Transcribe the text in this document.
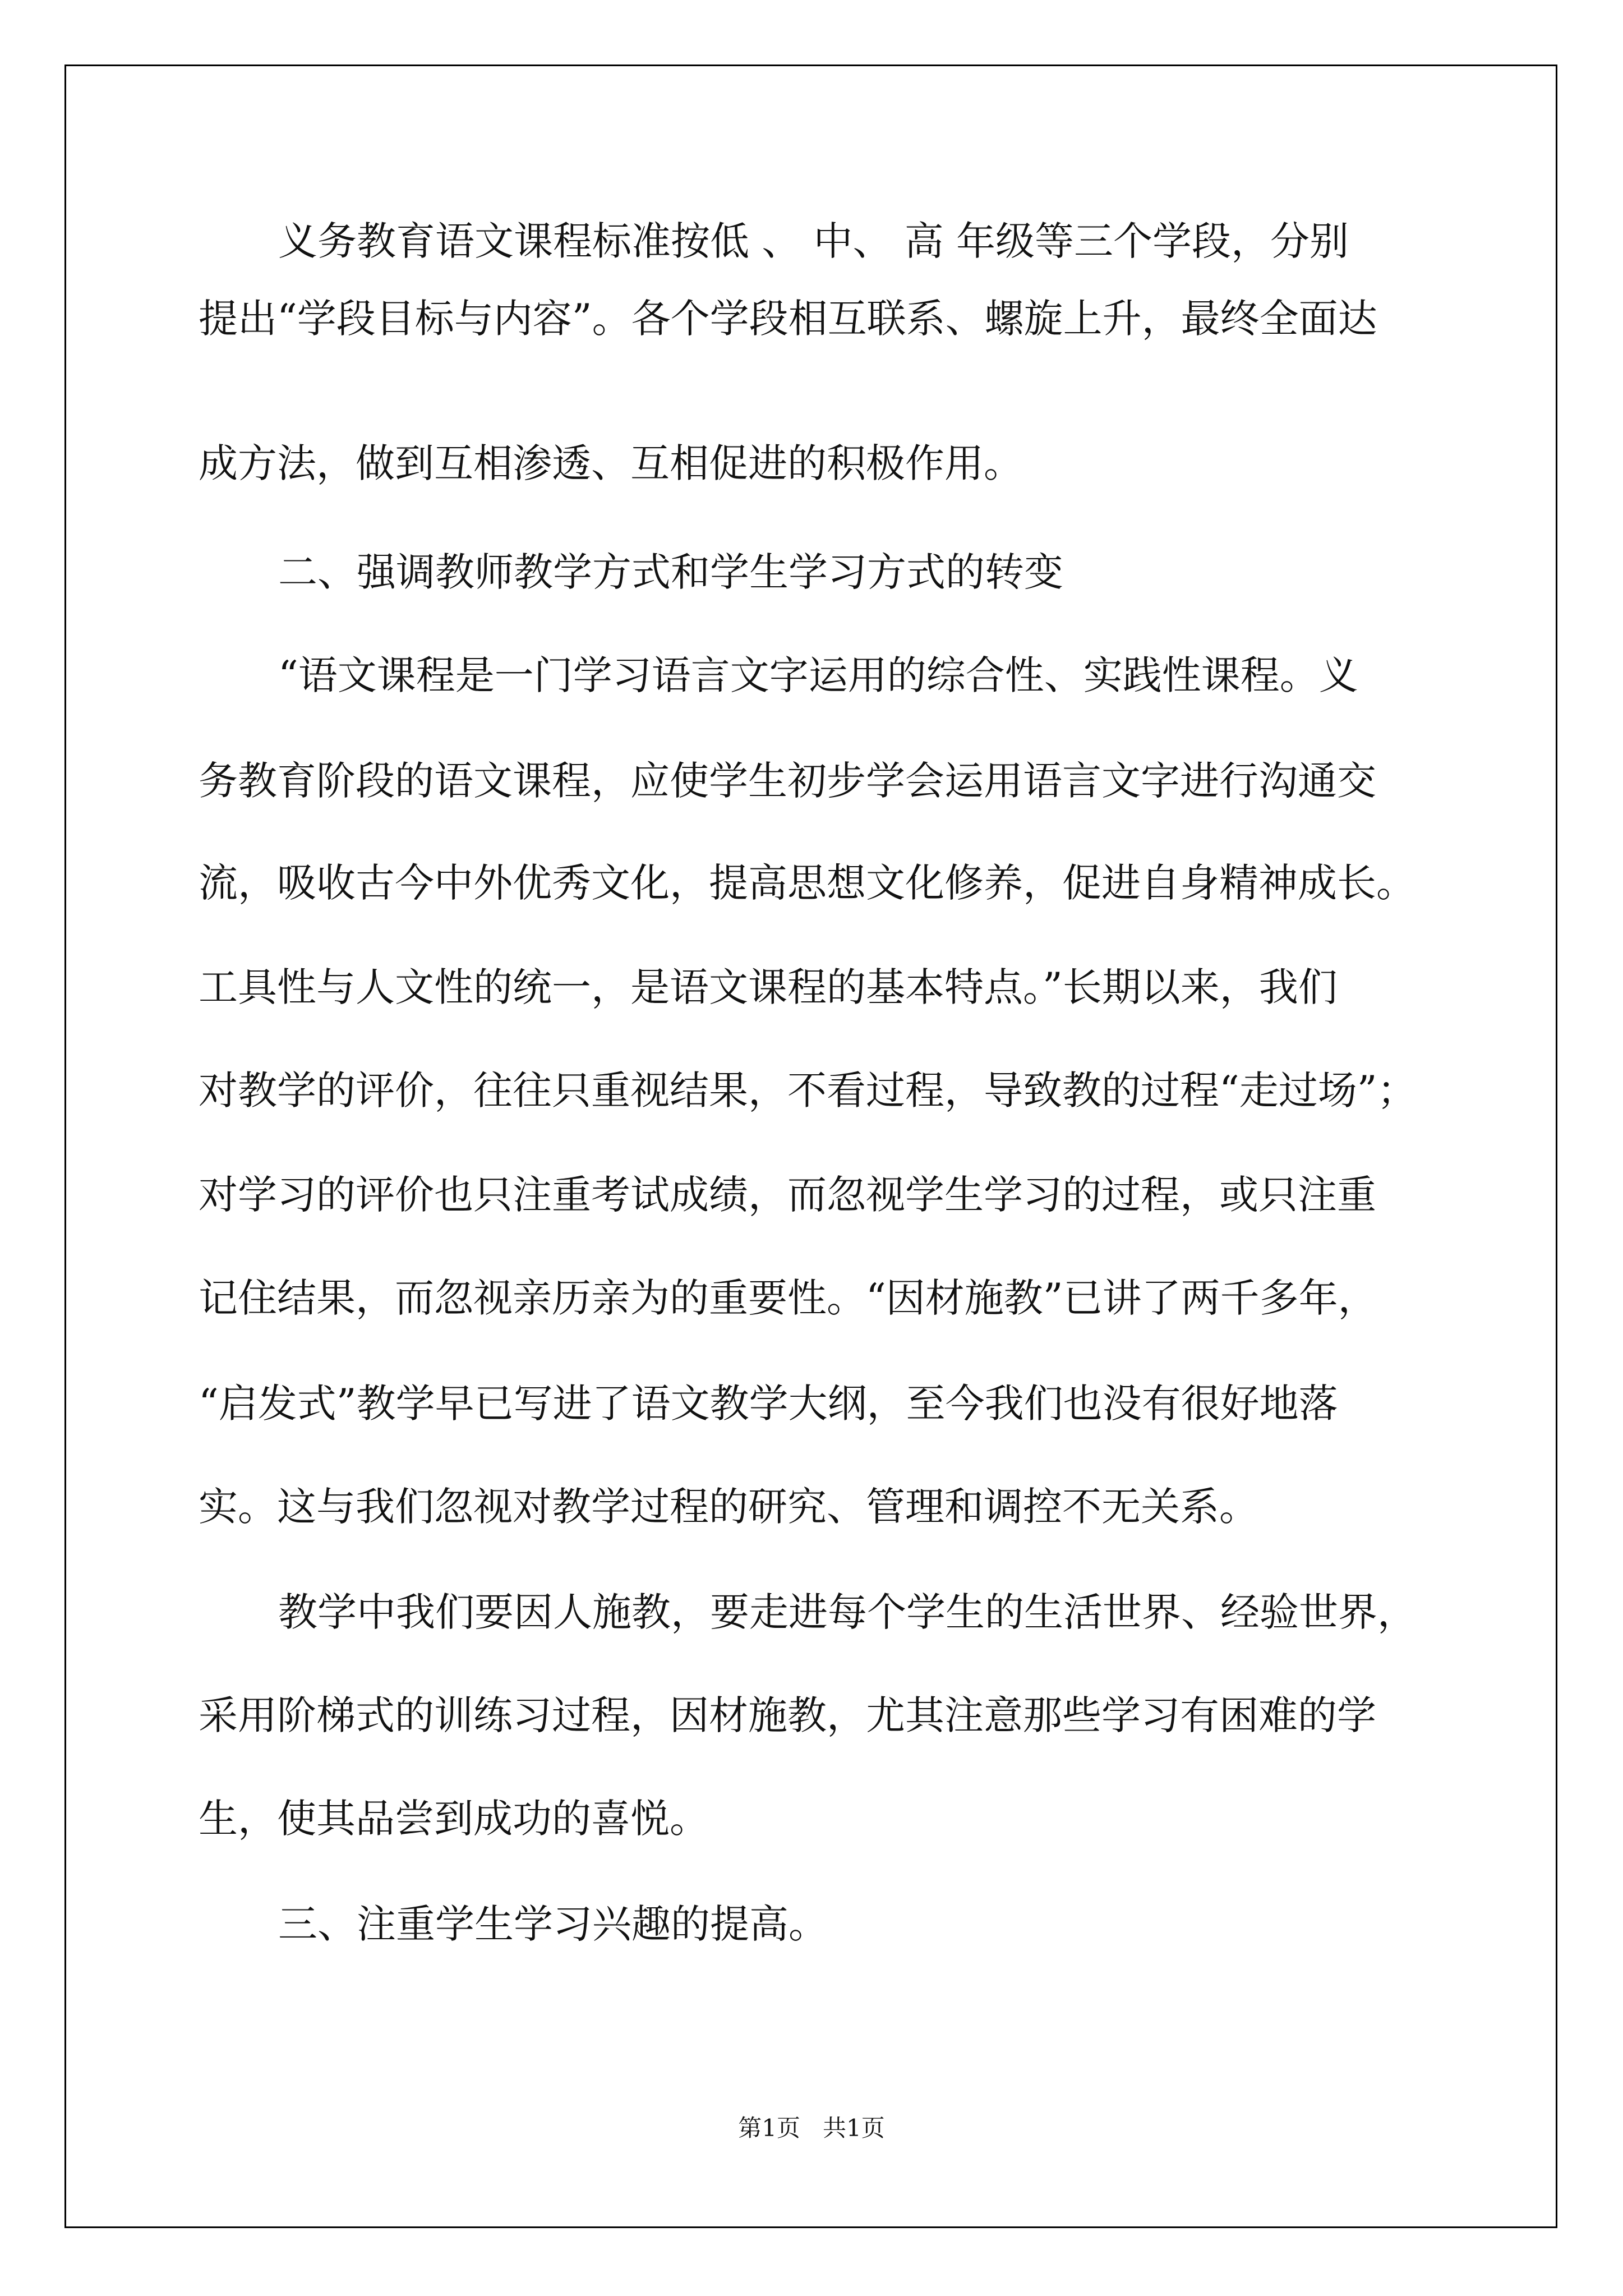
义务教育语文课程标准按低 、 中、 高 年级等三个学段，分别
提出“学段目标与内容”。各个学段相互联系、螺旋上升，最终全面达
成方法，做到互相渗透、互相促进的积极作用。
二、强调教师教学方式和学生学习方式的转变
“语文课程是一门学习语言文字运用的综合性、实践性课程。义
务教育阶段的语文课程，应使学生初步学会运用语言文字进行沟通交
流，吸收古今中外优秀文化，提高思想文化修养，促进自身精神成长。
工具性与人文性的统一，是语文课程的基本特点。”长期以来，我们
对教学的评价，往往只重视结果，不看过程，导致教的过程“走过场”；
对学习的评价也只注重考试成绩，而忽视学生学习的过程，或只注重
记住结果，而忽视亲历亲为的重要性。“因材施教”已讲了两千多年，
“启发式”教学早已写进了语文教学大纲，至今我们也没有很好地落
实。这与我们忽视对教学过程的研究、管理和调控不无关系。
教学中我们要因人施教，要走进每个学生的生活世界、经验世界，
采用阶梯式的训练习过程，因材施教，尤其注意那些学习有困难的学
生，使其品尝到成功的喜悦。
三、注重学生学习兴趣的提高。
第1页   共1页
